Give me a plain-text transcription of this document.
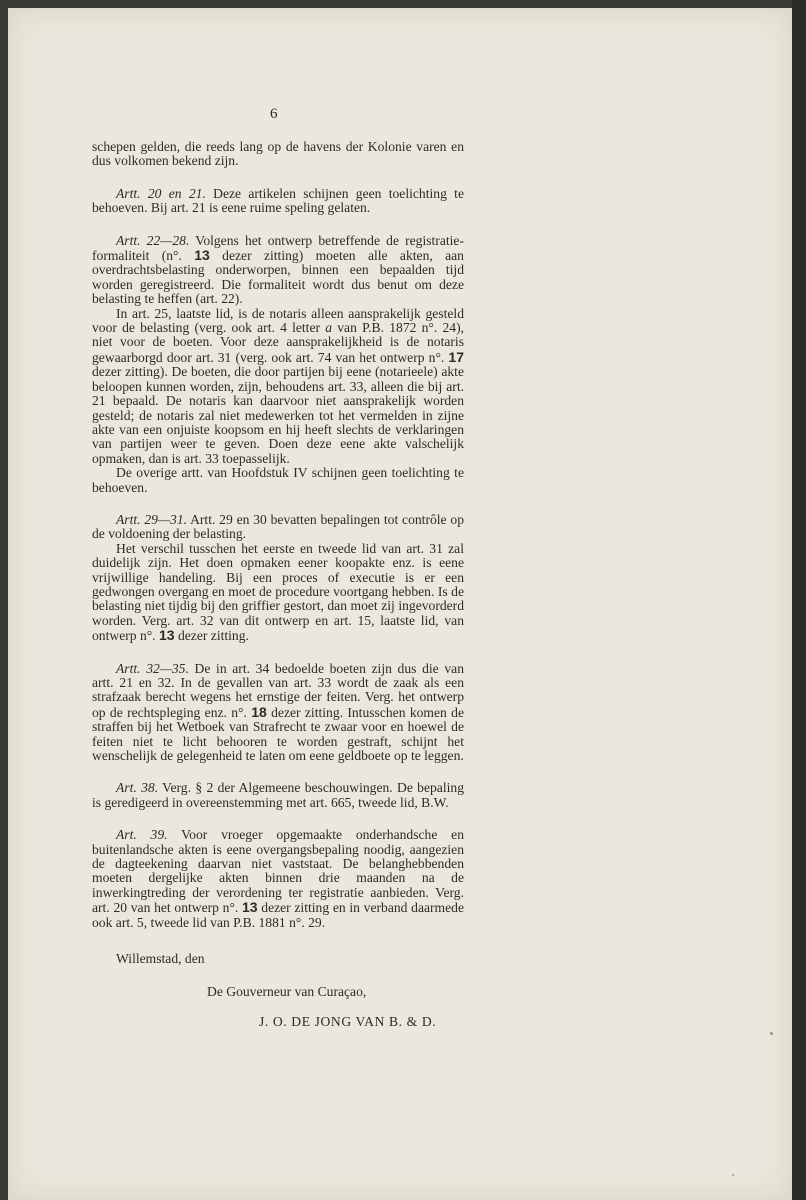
6

schepen gelden, die reeds lang op de havens der Kolonie varen en dus volkomen bekend zijn.

Artt. 20 en 21. Deze artikelen schijnen geen toelichting te behoeven. Bij art. 21 is eene ruime speling gelaten.

Artt. 22—28. Volgens het ontwerp betreffende de registratie-formaliteit (n°. 13 dezer zitting) moeten alle akten, aan overdrachtsbelasting onderworpen, binnen een bepaalden tijd worden geregistreerd. Die formaliteit wordt dus benut om deze belasting te heffen (art. 22).

In art. 25, laatste lid, is de notaris alleen aansprakelijk gesteld voor de belasting (verg. ook art. 4 letter a van P.B. 1872 n°. 24), niet voor de boeten. Voor deze aansprakelijkheid is de notaris gewaarborgd door art. 31 (verg. ook art. 74 van het ontwerp n°. 17 dezer zitting). De boeten, die door partijen bij eene (notarieele) akte beloopen kunnen worden, zijn, behoudens art. 33, alleen die bij art. 21 bepaald. De notaris kan daarvoor niet aansprakelijk worden gesteld; de notaris zal niet medewerken tot het vermelden in zijne akte van een onjuiste koopsom en hij heeft slechts de verklaringen van partijen weer te geven. Doen deze eene akte valschelijk opmaken, dan is art. 33 toepasselijk.

De overige artt. van Hoofdstuk IV schijnen geen toelichting te behoeven.

Artt. 29—31. Artt. 29 en 30 bevatten bepalingen tot contrôle op de voldoening der belasting.

Het verschil tusschen het eerste en tweede lid van art. 31 zal duidelijk zijn. Het doen opmaken eener koopakte enz. is eene vrijwillige handeling. Bij een proces of executie is er een gedwongen overgang en moet de procedure voortgang hebben. Is de belasting niet tijdig bij den griffier gestort, dan moet zij ingevorderd worden. Verg. art. 32 van dit ontwerp en art. 15, laatste lid, van ontwerp n°. 13 dezer zitting.

Artt. 32—35. De in art. 34 bedoelde boeten zijn dus die van artt. 21 en 32. In de gevallen van art. 33 wordt de zaak als een strafzaak berecht wegens het ernstige der feiten. Verg. het ontwerp op de rechtspleging enz. n°. 18 dezer zitting. Intusschen komen de straffen bij het Wetboek van Strafrecht te zwaar voor en hoewel de feiten niet te licht behooren te worden gestraft, schijnt het wenschelijk de gelegenheid te laten om eene geldboete op te leggen.

Art. 38. Verg. § 2 der Algemeene beschouwingen. De bepaling is geredigeerd in overeenstemming met art. 665, tweede lid, B.W.

Art. 39. Voor vroeger opgemaakte onderhandsche en buitenlandsche akten is eene overgangsbepaling noodig, aangezien de dagteekening daarvan niet vaststaat. De belanghebbenden moeten dergelijke akten binnen drie maanden na de inwerkingtreding der verordening ter registratie aanbieden. Verg. art. 20 van het ontwerp n°. 13 dezer zitting en in verband daarmede ook art. 5, tweede lid van P.B. 1881 n°. 29.

Willemstad, den

De Gouverneur van Curaçao,

J. O. DE JONG VAN B. & D.
